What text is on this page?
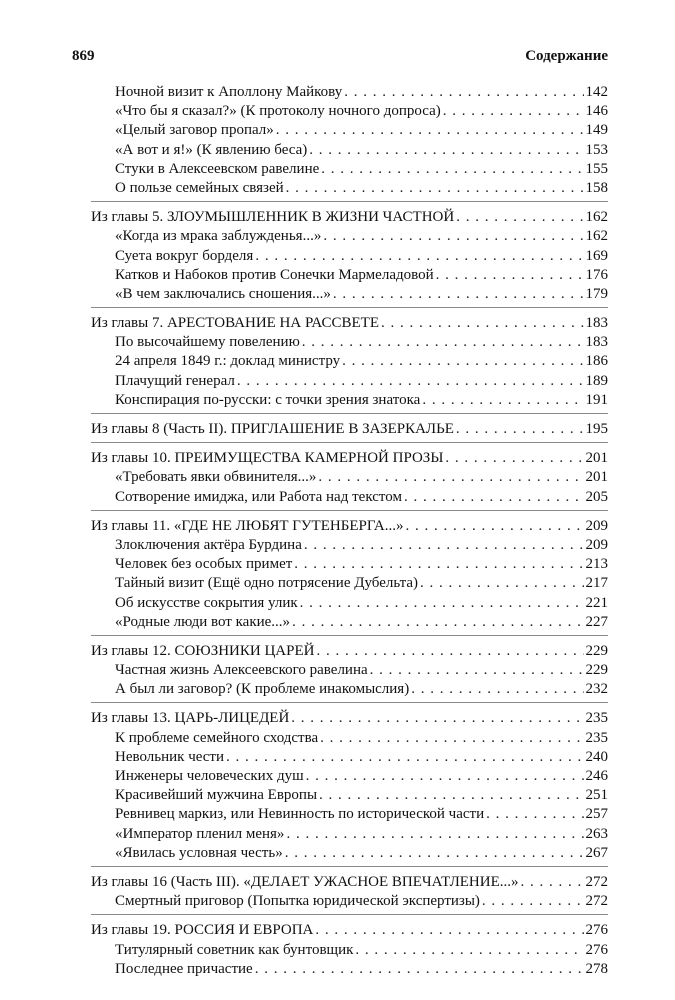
869	Содержание
Ночной визит к Аполлону Майкову . . .	142
«Что бы я сказал?» (К протоколу ночного допроса) . . .	146
«Целый заговор пропал» . . .	149
«А вот и я!» (К явлению беса) . . .	153
Стуки в Алексеевском равелине . . .	155
О пользе семейных связей . . .	158
Из главы 5. ЗЛОУМЫШЛЕННИК В ЖИЗНИ ЧАСТНОЙ . . .	162
«Когда из мрака заблужденья...» . . .	162
Суета вокруг борделя . . .	169
Катков и Набоков против Сонечки Мармеладовой . . .	176
«В чем заключались сношения...» . . .	179
Из главы 7. АРЕСТОВАНИЕ НА РАССВЕТЕ . . .	183
По высочайшему повелению . . .	183
24 апреля 1849 г.: доклад министру . . .	186
Плачущий генерал . . .	189
Конспирация по-русски: с точки зрения знатока . . .	191
Из главы 8 (Часть II). ПРИГЛАШЕНИЕ В ЗАЗЕРКАЛЬЕ . . .	195
Из главы 10. ПРЕИМУЩЕСТВА КАМЕРНОЙ ПРОЗЫ . . .	201
«Требовать явки обвинителя...» . . .	201
Сотворение имиджа, или Работа над текстом . . .	205
Из главы 11. «ГДЕ НЕ ЛЮБЯТ ГУТЕНБЕРГА...» . . .	209
Злоключения актёра Бурдина . . .	209
Человек без особых примет . . .	213
Тайный визит (Ещё одно потрясение Дубельта) . . .	217
Об искусстве сокрытия улик . . .	221
«Родные люди вот какие...» . . .	227
Из главы 12. СОЮЗНИКИ ЦАРЕЙ . . .	229
Частная жизнь Алексеевского равелина . . .	229
А был ли заговор? (К проблеме инакомыслия) . . .	232
Из главы 13. ЦАРЬ-ЛИЦЕДЕЙ . . .	235
К проблеме семейного сходства . . .	235
Невольник чести . . .	240
Инженеры человеческих душ . . .	246
Красивейший мужчина Европы . . .	251
Ревнивец маркиз, или Невинность по исторической части . . .	257
«Император пленил меня» . . .	263
«Явилась условная честь» . . .	267
Из главы 16 (Часть III). «ДЕЛАЕТ УЖАСНОЕ ВПЕЧАТЛЕНИЕ...» . . .	272
Смертный приговор (Попытка юридической экспертизы) . . .	272
Из главы 19. РОССИЯ И ЕВРОПА . . .	276
Титулярный советник как бунтовщик . . .	276
Последнее причастие . . .	278
